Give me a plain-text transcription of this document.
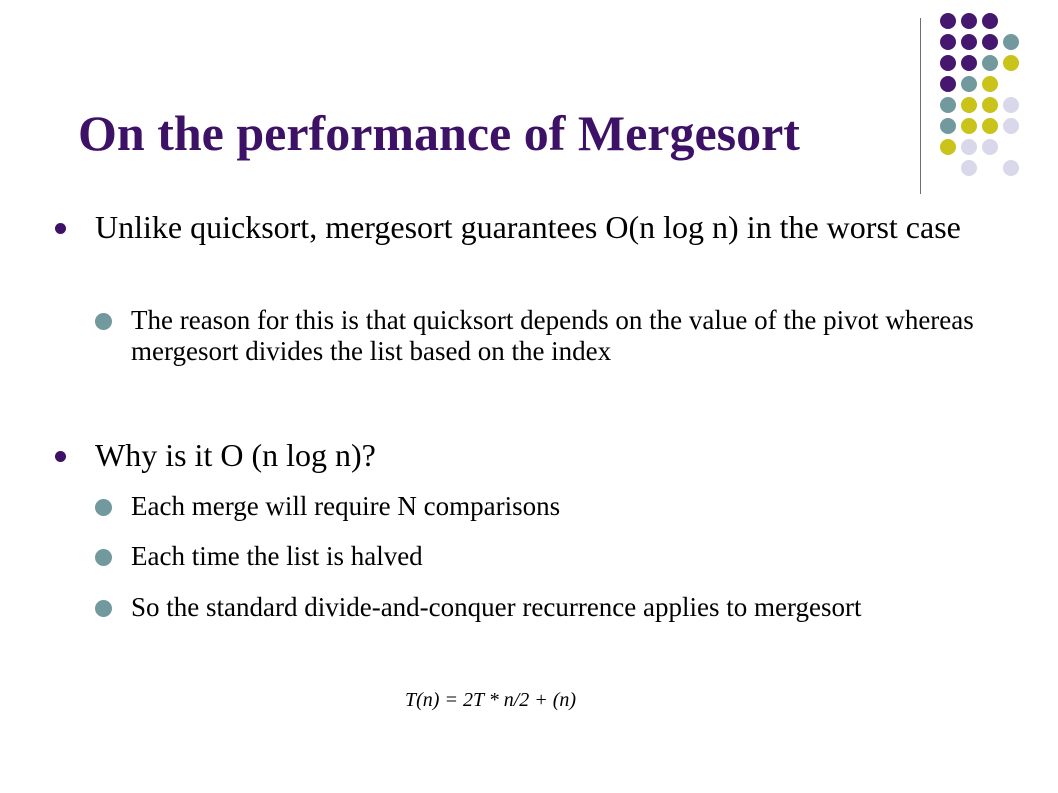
On the performance of Mergesort
Unlike quicksort, mergesort guarantees O(n log n) in the worst case
The reason for this is that quicksort depends on the value of the pivot whereas mergesort divides the list based on the index
Why is it O (n log n)?
Each merge will require N comparisons
Each time the list is halved
So the standard divide-and-conquer recurrence applies to mergesort
T(n) = 2T * n/2 + (n)
